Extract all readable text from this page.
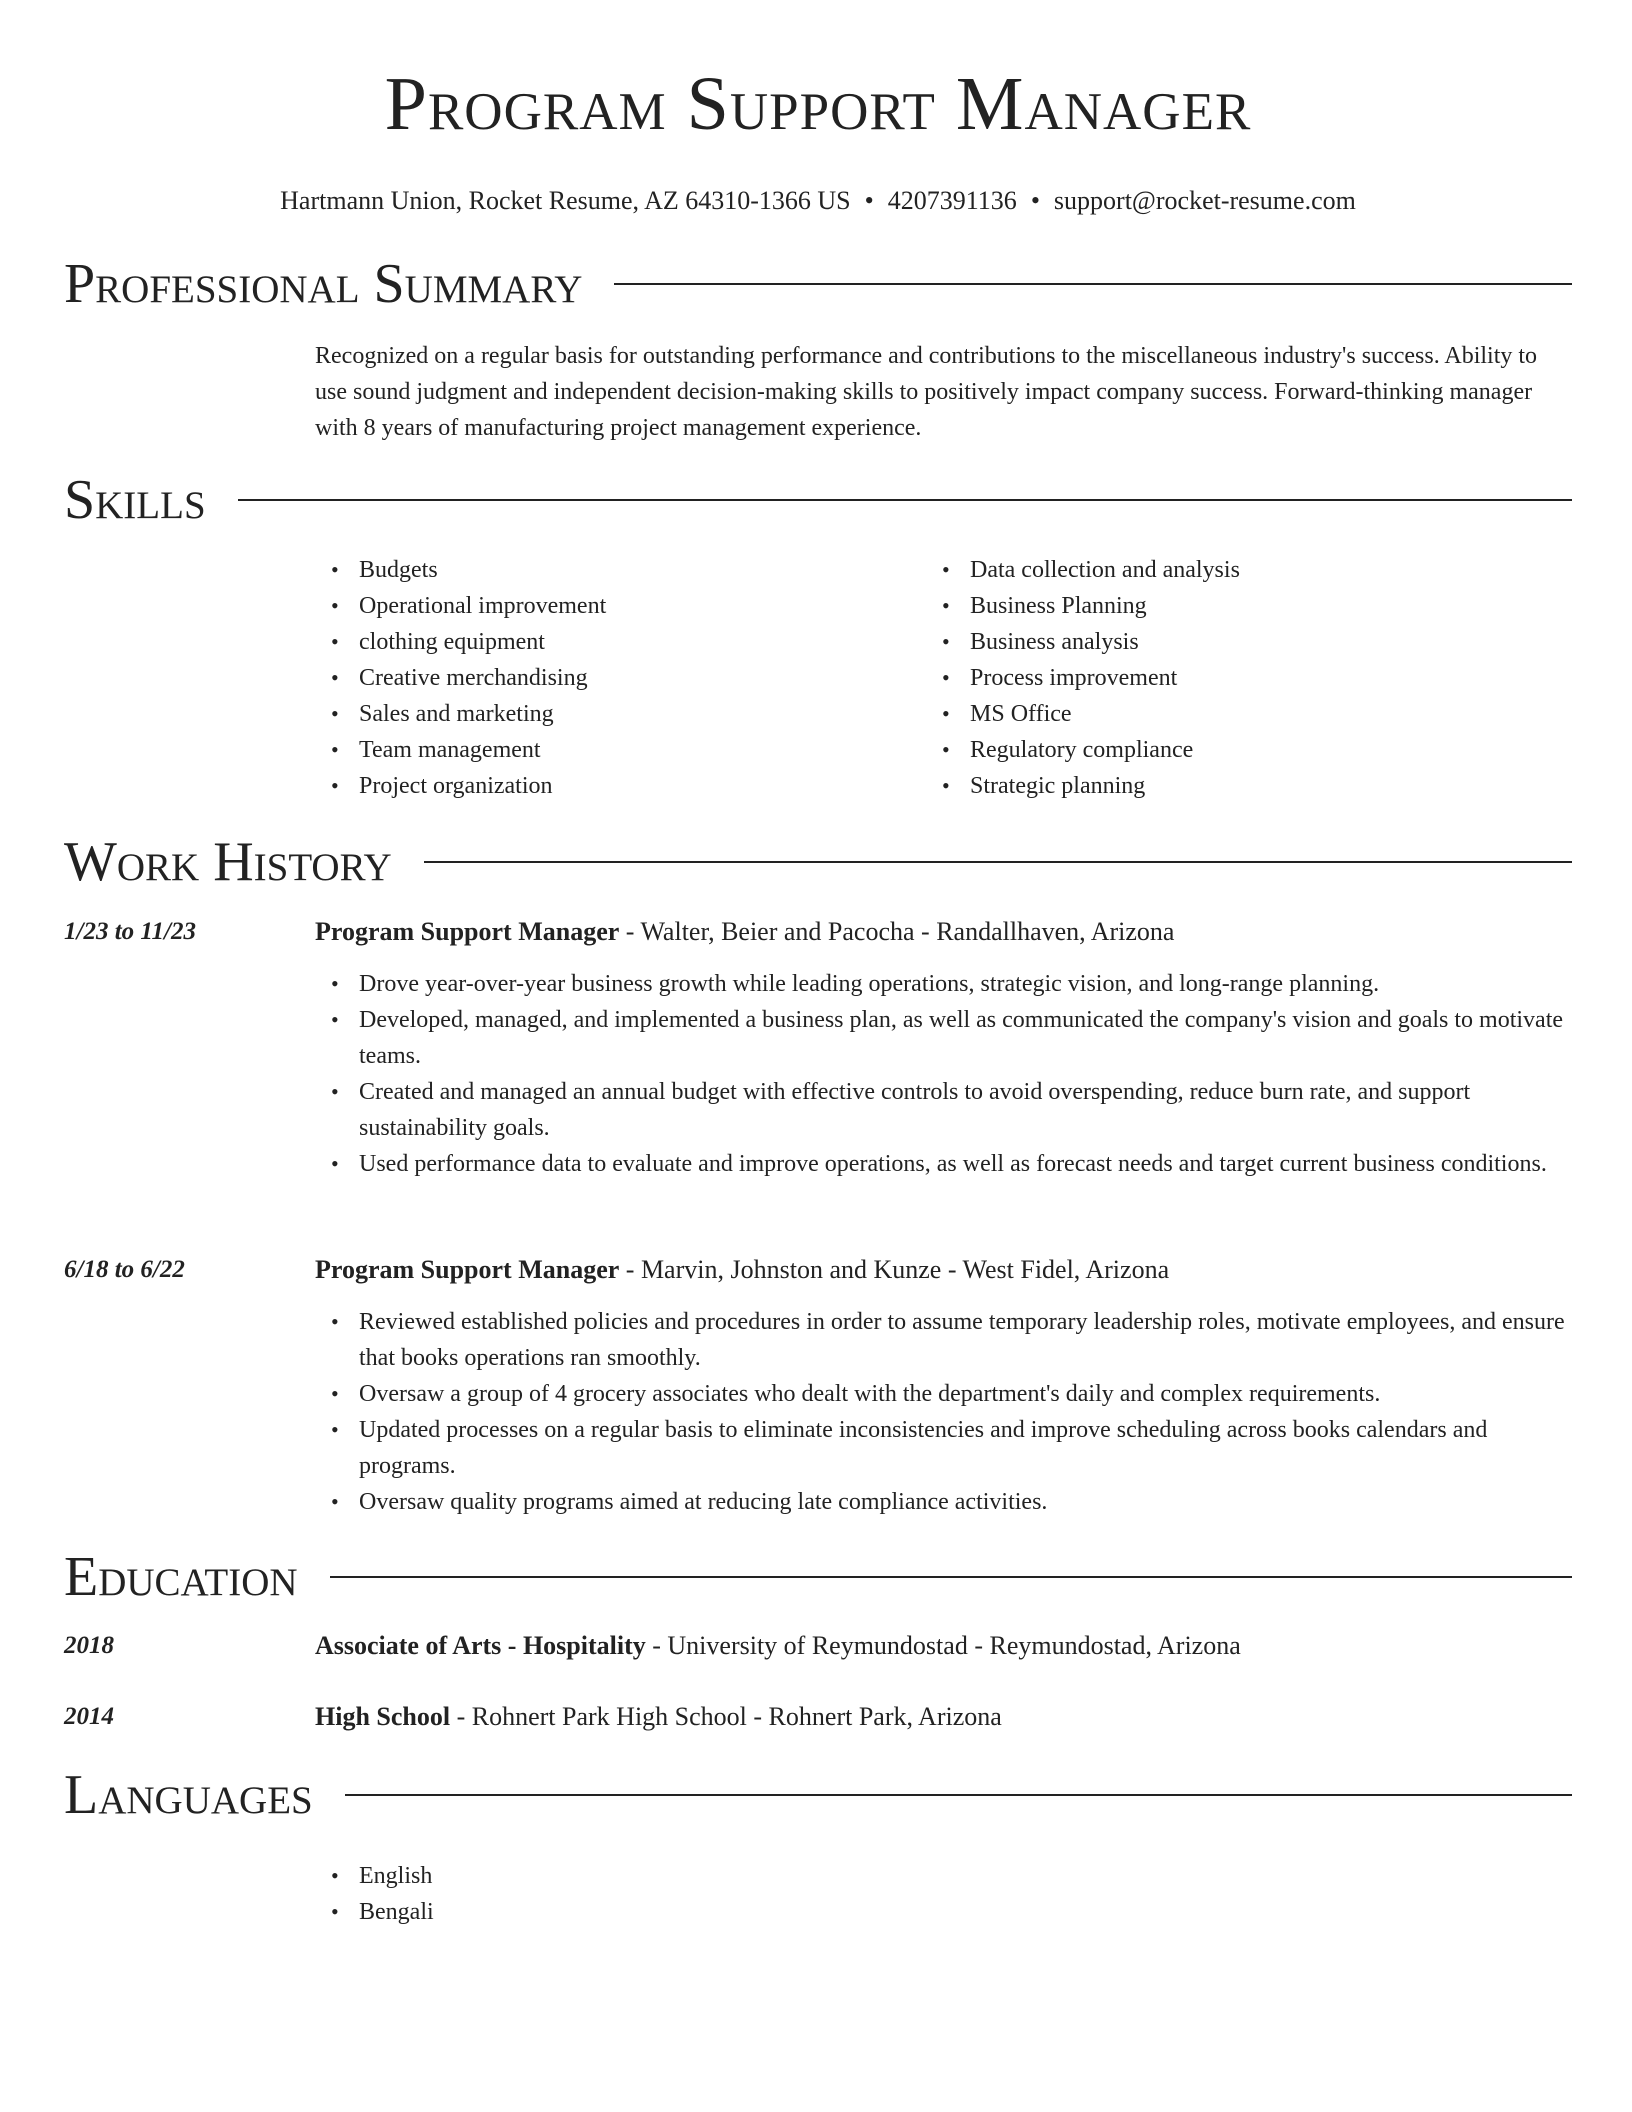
Program Support Manager
Hartmann Union, Rocket Resume, AZ 64310-1366 US • 4207391136 • support@rocket-resume.com
Professional Summary
Recognized on a regular basis for outstanding performance and contributions to the miscellaneous industry's success. Ability to use sound judgment and independent decision-making skills to positively impact company success. Forward-thinking manager with 8 years of manufacturing project management experience.
Skills
• Budgets
• Operational improvement
• clothing equipment
• Creative merchandising
• Sales and marketing
• Team management
• Project organization
• Data collection and analysis
• Business Planning
• Business analysis
• Process improvement
• MS Office
• Regulatory compliance
• Strategic planning
Work History
1/23 to 11/23	Program Support Manager - Walter, Beier and Pacocha - Randallhaven, Arizona
• Drove year-over-year business growth while leading operations, strategic vision, and long-range planning.
• Developed, managed, and implemented a business plan, as well as communicated the company's vision and goals to motivate teams.
• Created and managed an annual budget with effective controls to avoid overspending, reduce burn rate, and support sustainability goals.
• Used performance data to evaluate and improve operations, as well as forecast needs and target current business conditions.
6/18 to 6/22	Program Support Manager - Marvin, Johnston and Kunze - West Fidel, Arizona
• Reviewed established policies and procedures in order to assume temporary leadership roles, motivate employees, and ensure that books operations ran smoothly.
• Oversaw a group of 4 grocery associates who dealt with the department's daily and complex requirements.
• Updated processes on a regular basis to eliminate inconsistencies and improve scheduling across books calendars and programs.
• Oversaw quality programs aimed at reducing late compliance activities.
Education
2018	Associate of Arts - Hospitality - University of Reymundostad - Reymundostad, Arizona
2014	High School - Rohnert Park High School - Rohnert Park, Arizona
Languages
• English
• Bengali
